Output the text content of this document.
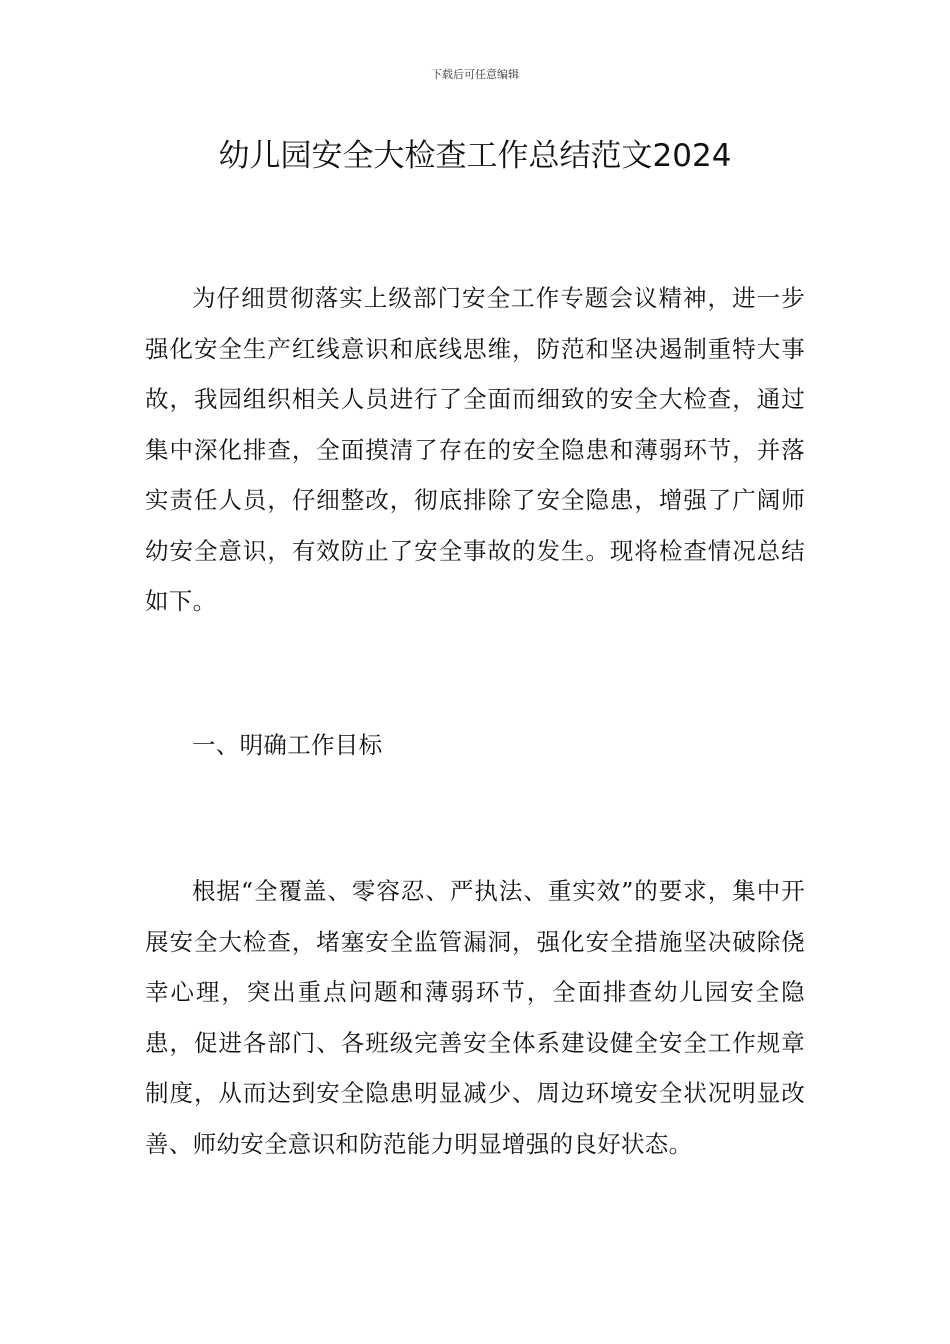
下载后可任意编辑
幼儿园安全大检查工作总结范文2024

为仔细贯彻落实上级部门安全工作专题会议精神，进一步强化安全生产红线意识和底线思维，防范和坚决遏制重特大事故，我园组织相关人员进行了全面而细致的安全大检查，通过集中深化排查，全面摸清了存在的安全隐患和薄弱环节，并落实责任人员，仔细整改，彻底排除了安全隐患，增强了广阔师幼安全意识，有效防止了安全事故的发生。现将检查情况总结如下。

一、明确工作目标

根据“全覆盖、零容忍、严执法、重实效”的要求，集中开展安全大检查，堵塞安全监管漏洞，强化安全措施坚决破除侥幸心理，突出重点问题和薄弱环节，全面排查幼儿园安全隐患，促进各部门、各班级完善安全体系建设健全安全工作规章制度，从而达到安全隐患明显减少、周边环境安全状况明显改善、师幼安全意识和防范能力明显增强的良好状态。
